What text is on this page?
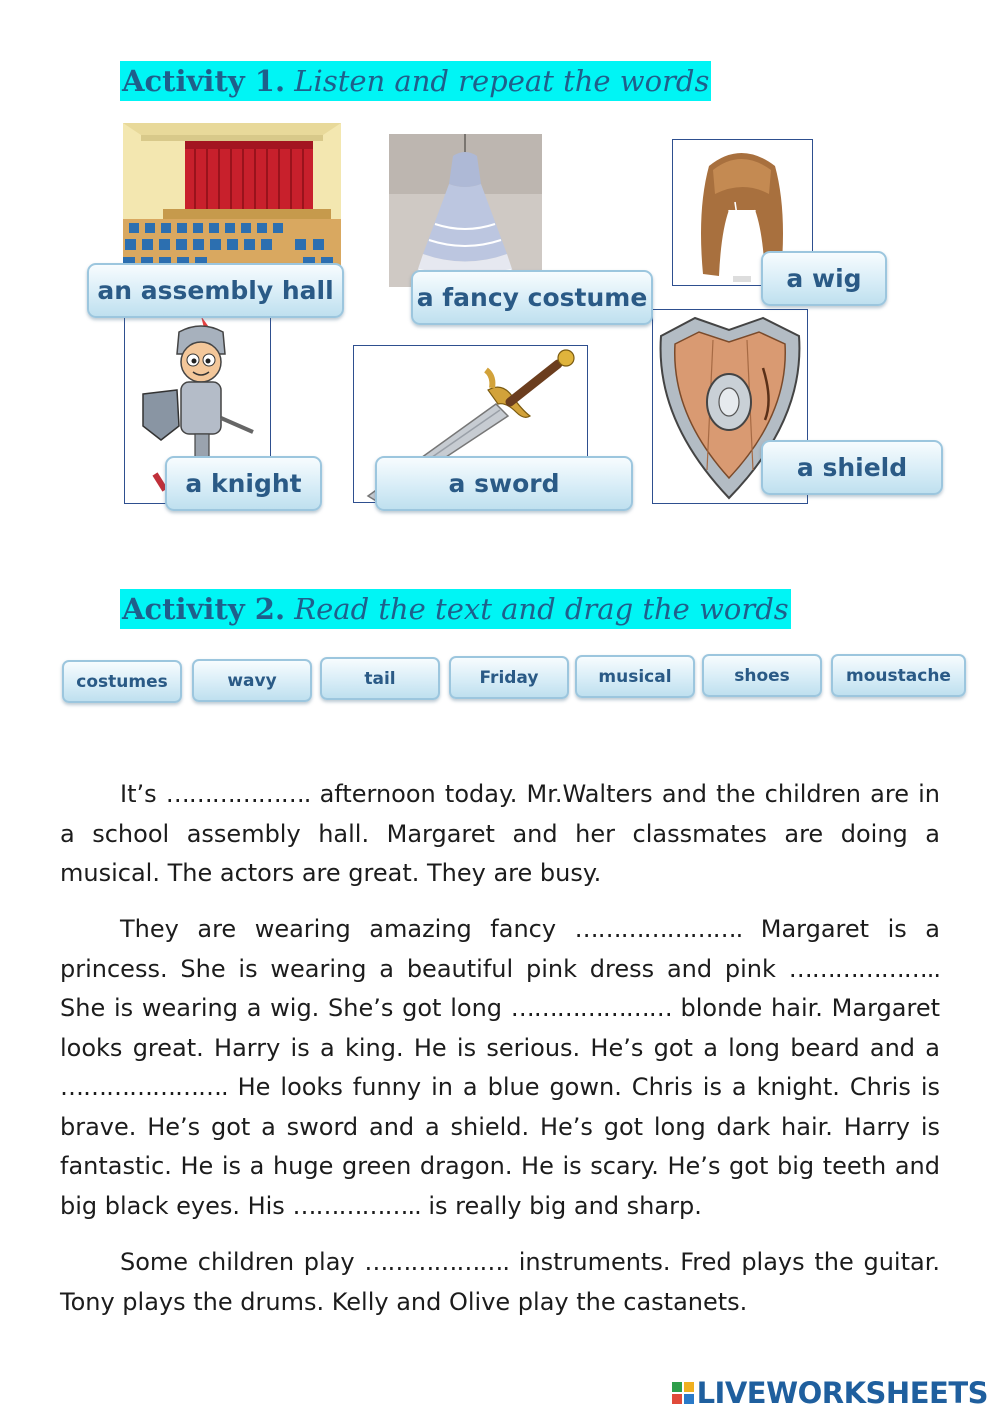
Activity 1. Listen and repeat the words
an assembly hall	a fancy costume
a wig
a knight	a sword
a shield
Activity 2. Read the text and drag the words
costumes	wavy	tail	Friday	musical	shoes	moustache

It’s ………………. afternoon today. Mr.Walters and the children are in a school assembly hall. Margaret and her classmates are doing a musical. The actors are great. They are busy.

They are wearing amazing fancy …………………. Margaret is a princess. She is wearing a beautiful pink dress and pink ……………….. She is wearing a wig. She’s got long ………………… blonde hair. Margaret looks great. Harry is a king. He is serious. He’s got a long beard and a …………………. He looks funny in a blue gown. Chris is a knight. Chris is brave. He’s got a sword and a shield. He’s got long dark hair. Harry is fantastic. He is a huge green dragon. He is scary. He’s got big teeth and big black eyes. His …………….. is really big and sharp.

Some children play ………………. instruments. Fred plays the guitar. Tony plays the drums. Kelly and Olive play the castanets.

LIVEWORKSHEETS
